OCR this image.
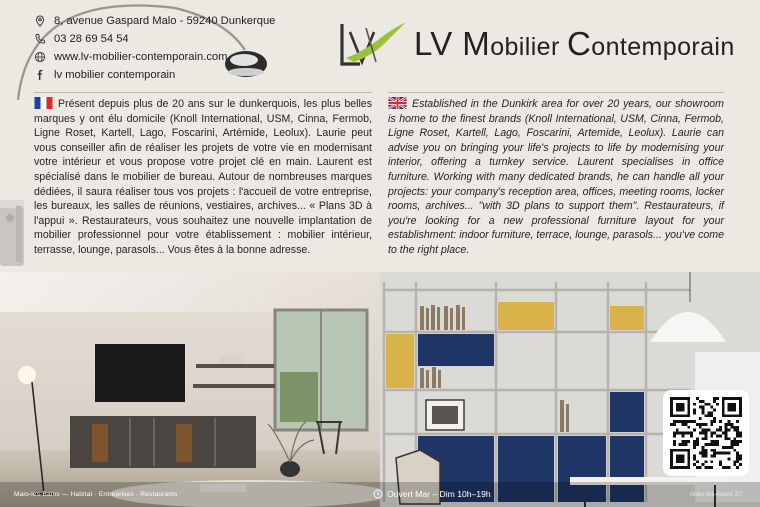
8, avenue Gaspard Malo - 59240 Dunkerque
03 28 69 54 54
www.lv-mobilier-contemporain.com
lv mobilier contemporain
LV Mobilier Contemporain
Présent depuis plus de 20 ans sur le dunkerquois, les plus belles marques y ont élu domicile (Knoll International, USM, Cinna, Fermob, Ligne Roset, Kartell, Lago, Foscarini, Artémide, Leolux). Laurie peut vous conseiller afin de réaliser les projets de votre vie en modernisant votre intérieur et vous propose votre projet clé en main. Laurent est spécialisé dans le mobilier de bureau. Autour de nombreuses marques dédiées, il saura réaliser tous vos projets : l'accueil de votre entreprise, les bureaux, les salles de réunions, vestiaires, archives... « Plans 3D à l'appui ». Restaurateurs, vous souhaitez une nouvelle implantation de mobilier professionnel pour votre établissement : mobilier intérieur, terrasse, lounge, parasols... Vous êtes à la bonne adresse.
Established in the Dunkirk area for over 20 years, our showroom is home to the finest brands (Knoll International, USM, Cinna, Fermob, Ligne Roset, Kartell, Lago, Foscarini, Artemide, Leolux). Laurie can advise you on bringing your life's projects to life by modernising your interior, offering a turnkey service. Laurent specialises in office furniture. Working with many dedicated brands, he can handle all your projects: your company's reception area, offices, meeting rooms, locker rooms, archives... "with 3D plans to support them". Restaurateurs, if you're looking for a new professional furniture layout for your establishment: indoor furniture, terrace, lounge, parasols... you've come to the right place.
Malo-les-Bains — Habitat · Entreprises · Restaurants	Ouvert Mar – Dim 10h–19h	Malo-les-Bains 37
